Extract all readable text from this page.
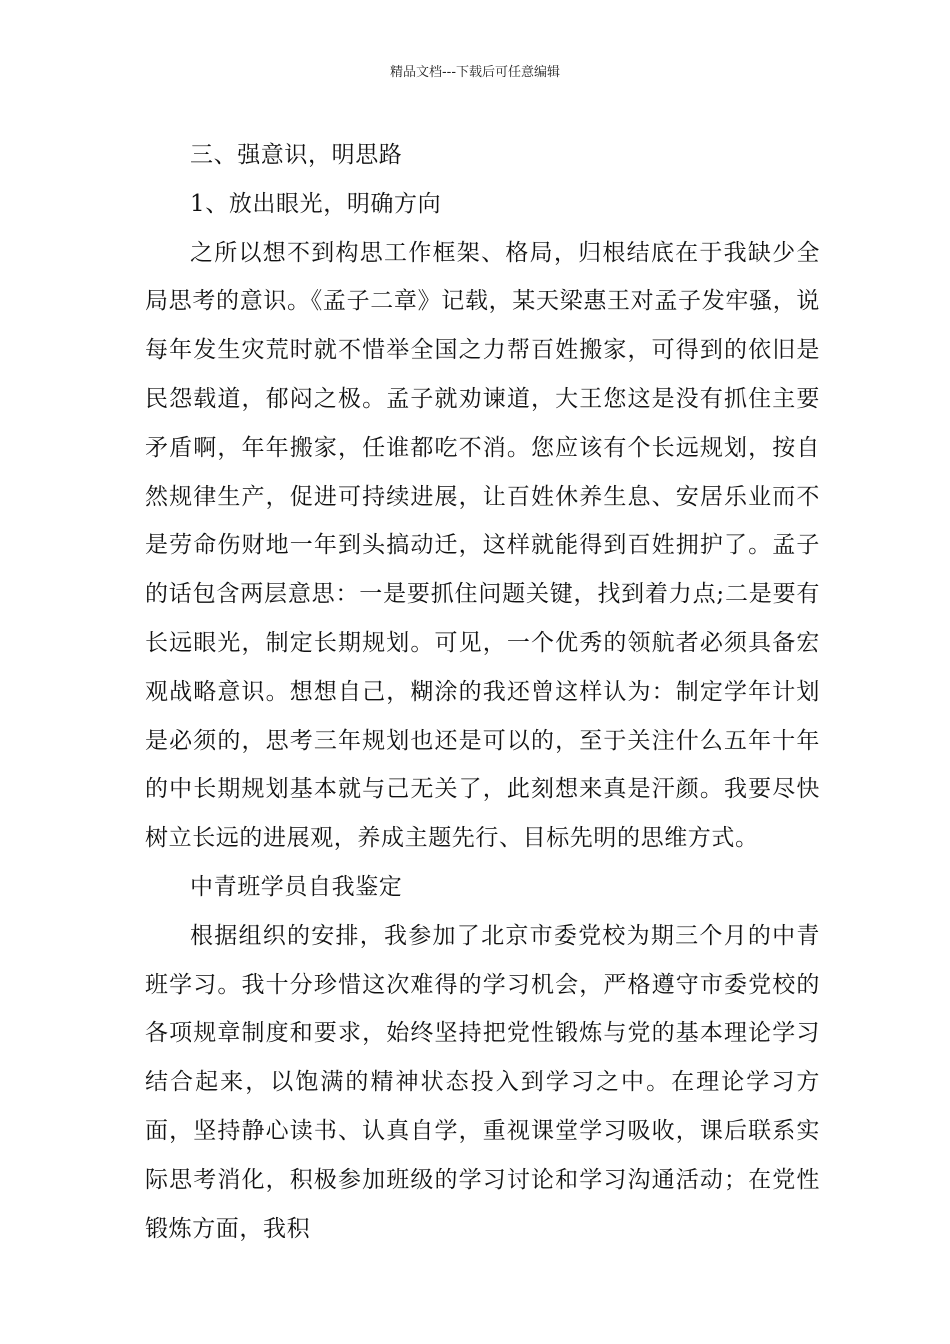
精品文档---下载后可任意编辑

三、强意识，明思路

1、放出眼光，明确方向

之所以想不到构思工作框架、格局，归根结底在于我缺少全局思考的意识。《孟子二章》记载，某天梁惠王对孟子发牢骚，说每年发生灾荒时就不惜举全国之力帮百姓搬家，可得到的依旧是民怨载道，郁闷之极。孟子就劝谏道，大王您这是没有抓住主要矛盾啊，年年搬家，任谁都吃不消。您应该有个长远规划，按自然规律生产，促进可持续进展，让百姓休养生息、安居乐业而不是劳命伤财地一年到头搞动迁，这样就能得到百姓拥护了。孟子的话包含两层意思：一是要抓住问题关键，找到着力点;二是要有长远眼光，制定长期规划。可见，一个优秀的领航者必须具备宏观战略意识。想想自己，糊涂的我还曾这样认为：制定学年计划是必须的，思考三年规划也还是可以的，至于关注什么五年十年的中长期规划基本就与己无关了，此刻想来真是汗颜。我要尽快树立长远的进展观，养成主题先行、目标先明的思维方式。

中青班学员自我鉴定

根据组织的安排，我参加了北京市委党校为期三个月的中青班学习。我十分珍惜这次难得的学习机会，严格遵守市委党校的各项规章制度和要求，始终坚持把党性锻炼与党的基本理论学习结合起来，以饱满的精神状态投入到学习之中。在理论学习方面，坚持静心读书、认真自学，重视课堂学习吸收，课后联系实际思考消化，积极参加班级的学习讨论和学习沟通活动；在党性锻炼方面，我积
